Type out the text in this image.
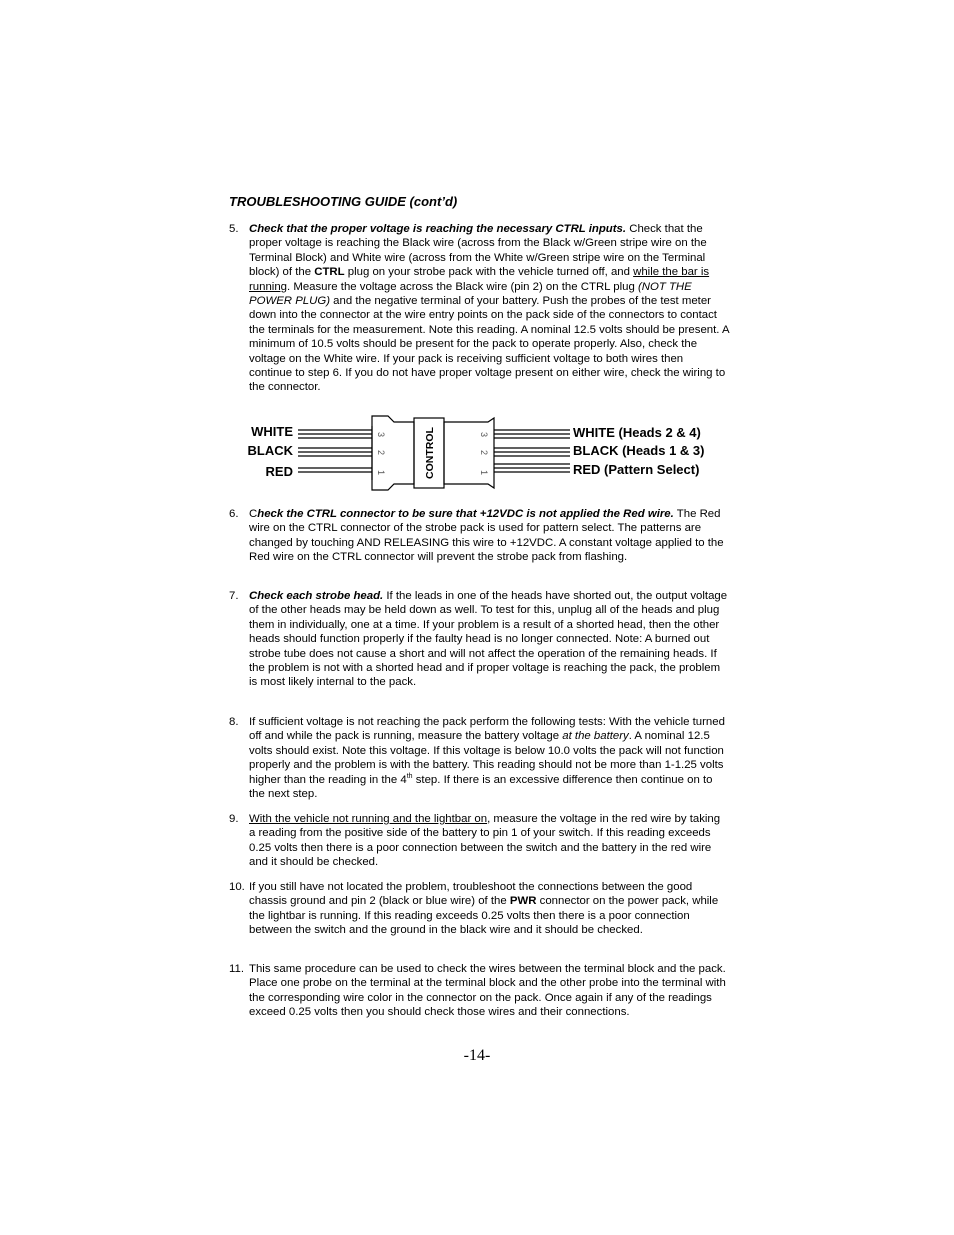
TROUBLESHOOTING GUIDE (cont’d)
5. Check that the proper voltage is reaching the necessary CTRL inputs. Check that the proper voltage is reaching the Black wire (across from the Black w/Green stripe wire on the Terminal Block) and White wire (across from the White w/Green stripe wire on the Terminal block) of the CTRL plug on your strobe pack with the vehicle turned off, and while the bar is running. Measure the voltage across the Black wire (pin 2) on the CTRL plug (NOT THE POWER PLUG) and the negative terminal of your battery. Push the probes of the test meter down into the connector at the wire entry points on the pack side of the connectors to contact the terminals for the measurement. Note this reading. A nominal 12.5 volts should be present. A minimum of 10.5 volts should be present for the pack to operate properly. Also, check the voltage on the White wire. If your pack is receiving sufficient voltage to both wires then continue to step 6. If you do not have proper voltage present on either wire, check the wiring to the connector.
3
2
1
3
2
1
CONTROL
WHITE
BLACK
RED
WHITE (Heads 2 & 4)
BLACK (Heads 1 & 3)
RED (Pattern Select)
6. Check the CTRL connector to be sure that +12VDC is not applied the Red wire. The Red wire on the CTRL connector of the strobe pack is used for pattern select. The patterns are changed by touching AND RELEASING this wire to +12VDC. A constant voltage applied to the Red wire on the CTRL connector will prevent the strobe pack from flashing.
7. Check each strobe head. If the leads in one of the heads have shorted out, the output voltage of the other heads may be held down as well. To test for this, unplug all of the heads and plug them in individually, one at a time. If your problem is a result of a shorted head, then the other heads should function properly if the faulty head is no longer connected. Note: A burned out strobe tube does not cause a short and will not affect the operation of the remaining heads. If the problem is not with a shorted head and if proper voltage is reaching the pack, the problem is most likely internal to the pack.
8. If sufficient voltage is not reaching the pack perform the following tests: With the vehicle turned off and while the pack is running, measure the battery voltage at the battery. A nominal 12.5 volts should exist. Note this voltage. If this voltage is below 10.0 volts the pack will not function properly and the problem is with the battery. This reading should not be more than 1-1.25 volts higher than the reading in the 4th step. If there is an excessive difference then continue on to the next step.
9. With the vehicle not running and the lightbar on, measure the voltage in the red wire by taking a reading from the positive side of the battery to pin 1 of your switch. If this reading exceeds 0.25 volts then there is a poor connection between the switch and the battery in the red wire and it should be checked.
10. If you still have not located the problem, troubleshoot the connections between the good chassis ground and pin 2 (black or blue wire) of the PWR connector on the power pack, while the lightbar is running. If this reading exceeds 0.25 volts then there is a poor connection between the switch and the ground in the black wire and it should be checked.
11. This same procedure can be used to check the wires between the terminal block and the pack. Place one probe on the terminal at the terminal block and the other probe into the terminal with the corresponding wire color in the connector on the pack. Once again if any of the readings exceed 0.25 volts then you should check those wires and their connections.
-14-
